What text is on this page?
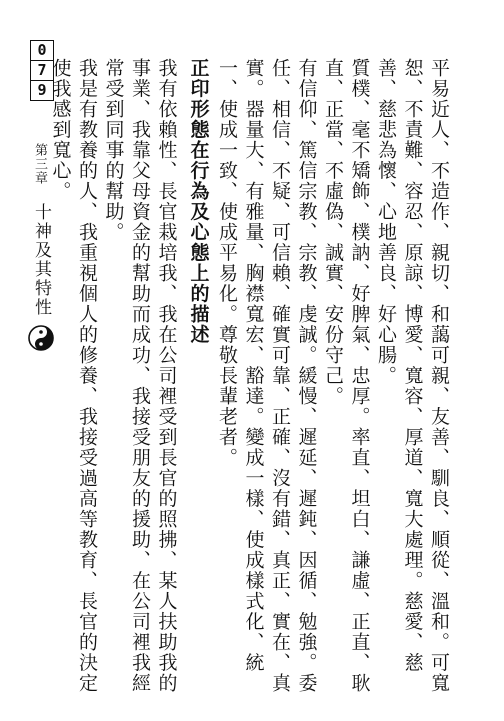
平易近人、不造作、親切、和藹可親、友善、馴良、順從、溫和。可寬恕、不責難、容忍、原諒、博愛、寬容、厚道、寬大處理。慈愛、慈善、慈悲為懷、心地善良、好心腸。

質樸、毫不矯飾、樸訥、好脾氣、忠厚。率直、坦白、謙虛、正直、耿直、正當、不虛偽、誠實、安份守己。

有信仰、篤信宗教、宗教、虔誠。緩慢、遲延、遲鈍、因循、勉強。委任、相信、不疑、可信賴、確實可靠、正確、沒有錯、真正、實在、真實。器量大、有雅量、胸襟寬宏、豁達。變成一樣、使成樣式化、統一、使成一致、使成平易化。尊敬長輩老者。

正印形態在行為及心態上的描述

我有依賴性、長官栽培我、我在公司裡受到長官的照拂、某人扶助我的事業、我靠父母資金的幫助而成功、我接受朋友的援助、在公司裡我經常受到同事的幫助。

我是有教養的人、我重視個人的修養、我接受過高等教育、長官的決定使我感到寬心。

0
7
9
第三章
十神及其特性
